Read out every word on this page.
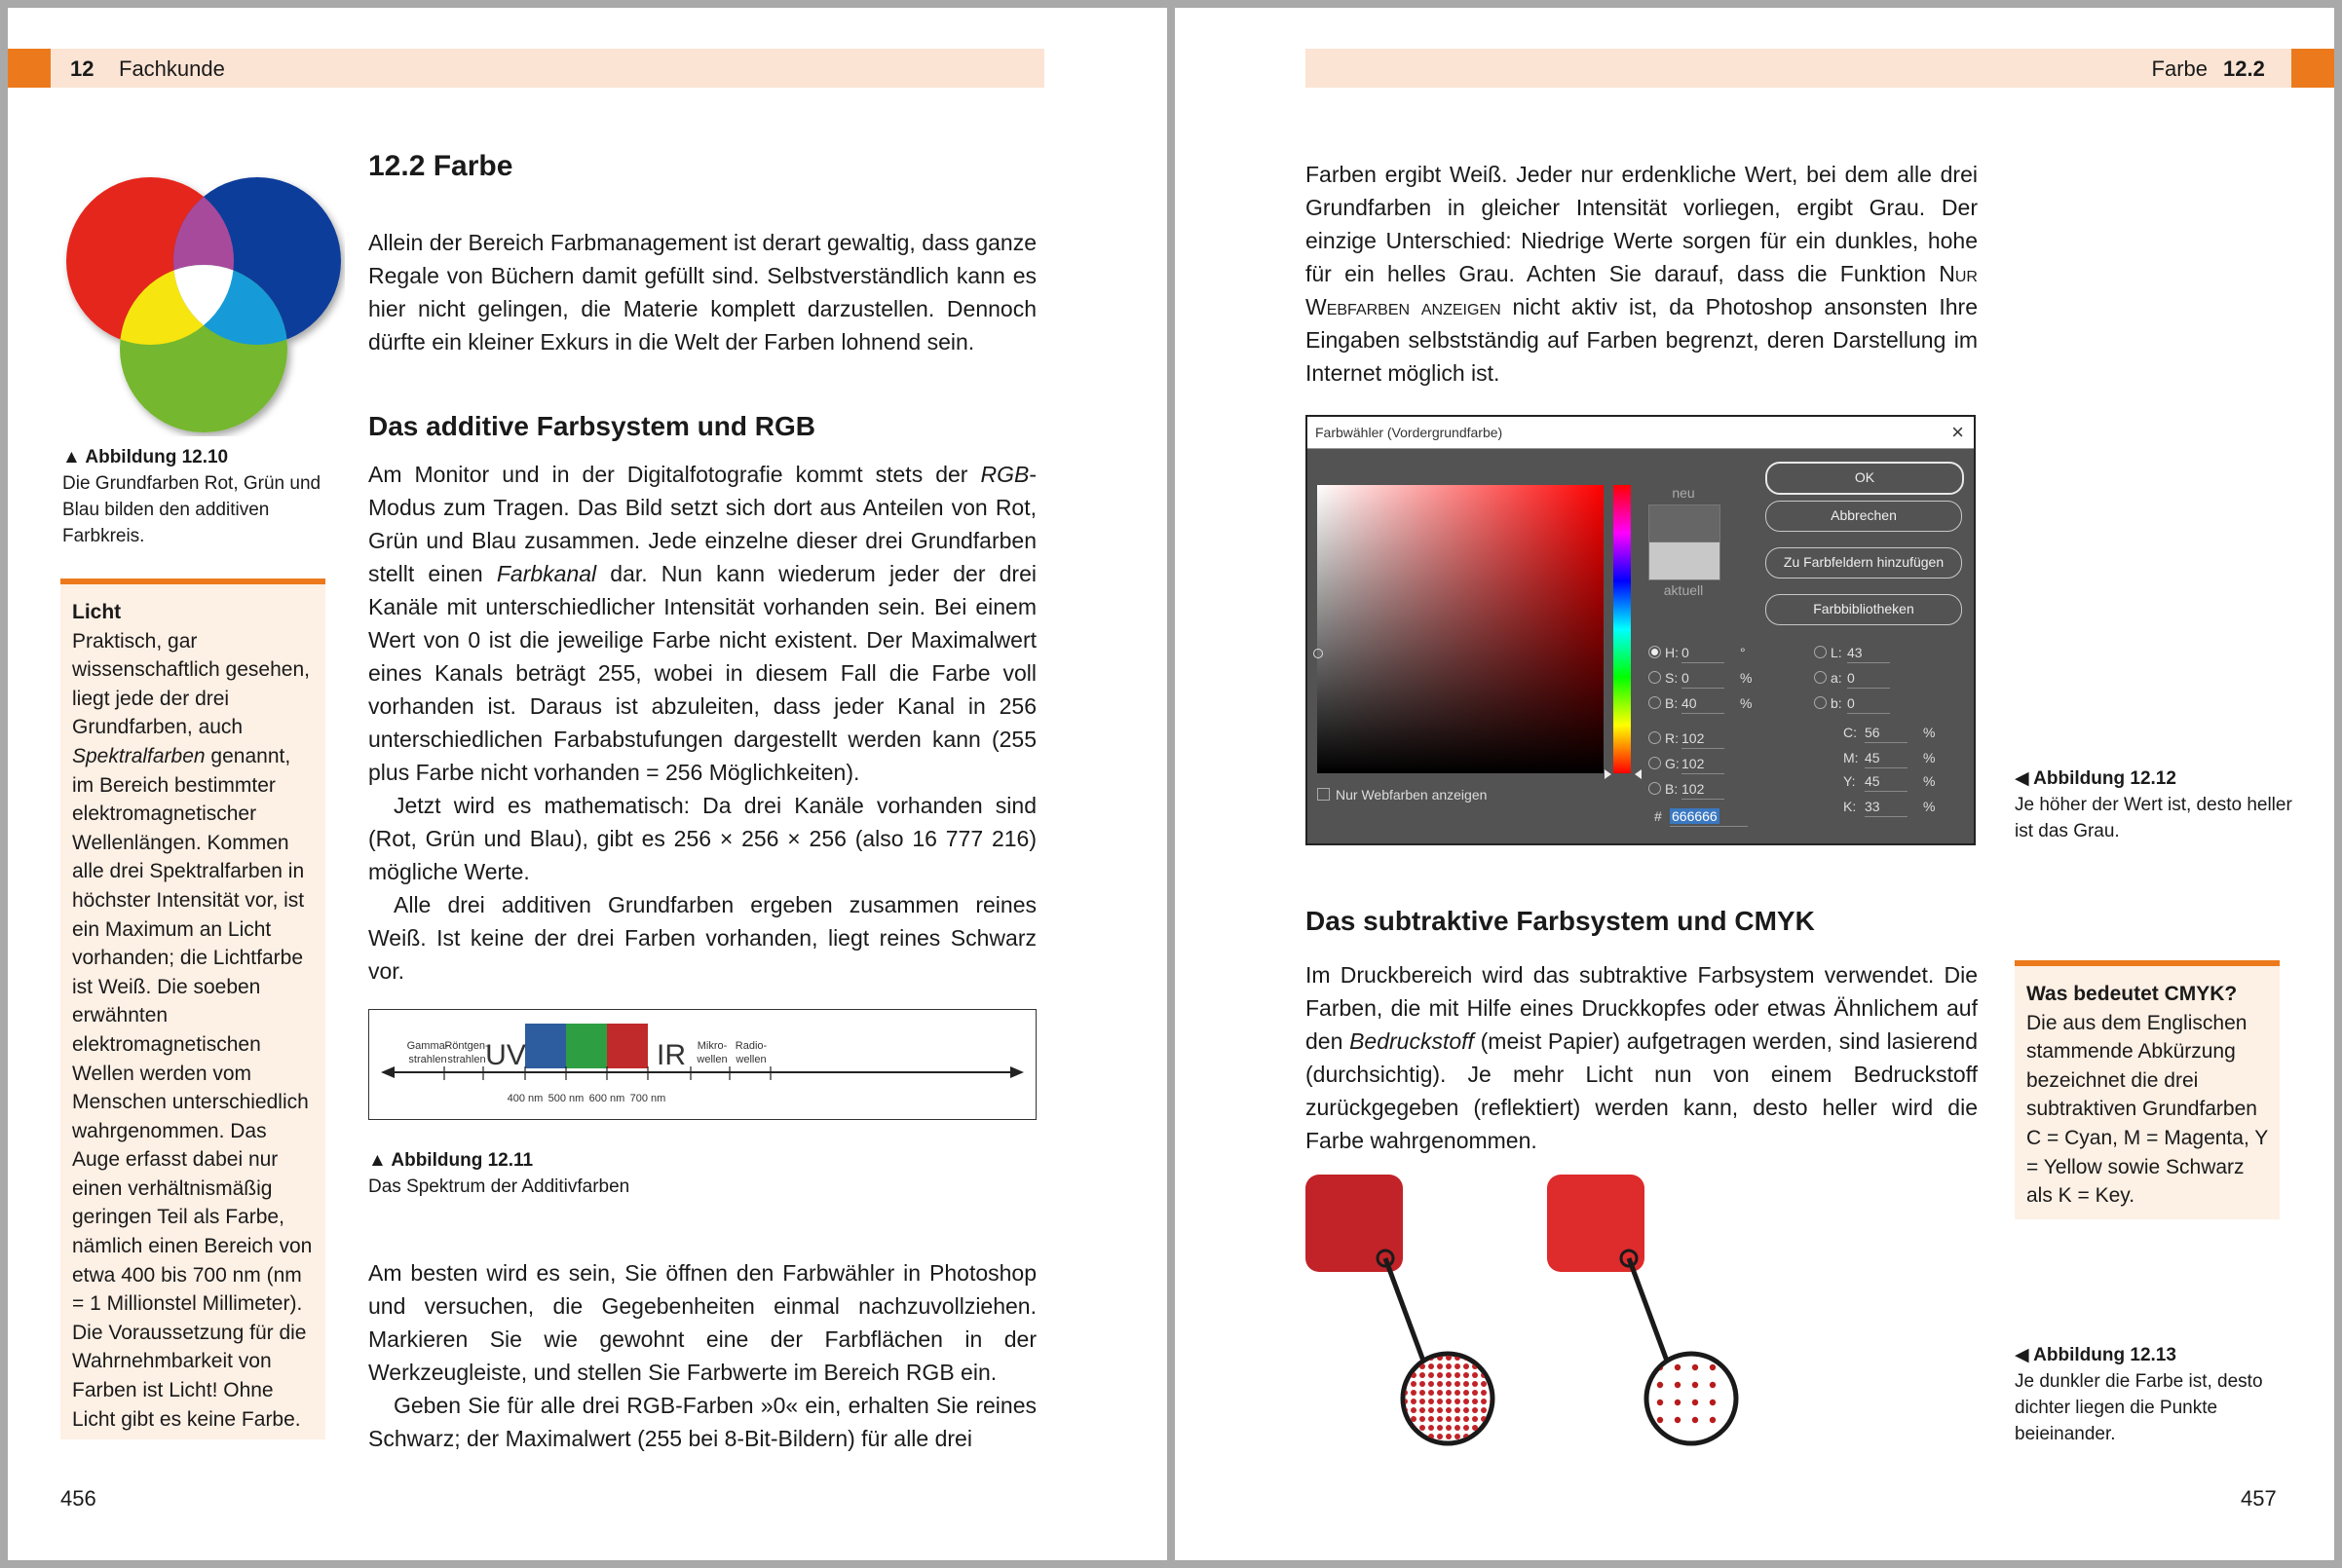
12 Fachkunde
▲ Abbildung 12.10
Die Grundfarben Rot, Grün und Blau bilden den additiven Farbkreis.
Licht
Praktisch, gar wissenschaftlich gesehen, liegt jede der drei Grundfarben, auch Spektralfarben genannt, im Bereich bestimmter elektromagnetischer Wellenlängen. Kommen alle drei Spektralfarben in höchster Intensität vor, ist ein Maximum an Licht vorhanden; die Lichtfarbe ist Weiß. Die soeben erwähnten elektromagnetischen Wellen werden vom Menschen unterschiedlich wahrgenommen. Das Auge erfasst dabei nur einen verhältnismäßig geringen Teil als Farbe, nämlich einen Bereich von etwa 400 bis 700 nm (nm = 1 Millionstel Millimeter). Die Voraussetzung für die Wahrnehmbarkeit von Farben ist Licht! Ohne Licht gibt es keine Farbe.
12.2 Farbe

Allein der Bereich Farbmanagement ist derart gewaltig, dass ganze Regale von Büchern damit gefüllt sind. Selbstverständlich kann es hier nicht gelingen, die Materie komplett darzustellen. Dennoch dürfte ein kleiner Exkurs in die Welt der Farben lohnend sein.

Das additive Farbsystem und RGB

Am Monitor und in der Digitalfotografie kommt stets der RGB-Modus zum Tragen. Das Bild setzt sich dort aus Anteilen von Rot, Grün und Blau zusammen. Jede einzelne dieser drei Grundfarben stellt einen Farbkanal dar. Nun kann wiederum jeder der drei Kanäle mit unterschiedlicher Intensität vorhanden sein. Bei einem Wert von 0 ist die jeweilige Farbe nicht existent. Der Maximalwert eines Kanals beträgt 255, wobei in diesem Fall die Farbe voll vorhanden ist. Daraus ist abzuleiten, dass jeder Kanal in 256 unterschiedlichen Farbabstufungen dargestellt werden kann (255 plus Farbe nicht vorhanden = 256 Möglichkeiten).

Jetzt wird es mathematisch: Da drei Kanäle vorhanden sind (Rot, Grün und Blau), gibt es 256 × 256 × 256 (also 16 777 216) mögliche Werte.

Alle drei additiven Grundfarben ergeben zusammen reines Weiß. Ist keine der drei Farben vorhanden, liegt reines Schwarz vor.

Gamma-
strahlen
Röntgen-
strahlen UV	IR Mikro-
wellen
Radio-
wellen
400 nm 500 nm 600 nm 700 nm
▲ Abbildung 12.11
Das Spektrum der Additivfarben

Am besten wird es sein, Sie öffnen den Farbwähler in Photoshop und versuchen, die Gegebenheiten einmal nachzuvollziehen. Markieren Sie wie gewohnt eine der Farbflächen in der Werkzeugleiste, und stellen Sie Farbwerte im Bereich RGB ein.

Geben Sie für alle drei RGB-Farben »0« ein, erhalten Sie reines Schwarz; der Maximalwert (255 bei 8-Bit-Bildern) für alle drei

456
Farbe 12.2

Farben ergibt Weiß. Jeder nur erdenkliche Wert, bei dem alle drei Grundfarben in gleicher Intensität vorliegen, ergibt Grau. Der einzige Unterschied: Niedrige Werte sorgen für ein dunkles, hohe für ein helles Grau. Achten Sie darauf, dass die Funktion Nur Webfarben anzeigen nicht aktiv ist, da Photoshop ansonsten Ihre Eingaben selbstständig auf Farben begrenzt, deren Darstellung im Internet möglich ist.

Farbwähler (Vordergrundfarbe)	×
neu
aktuell
OK
Abbrechen
Zu Farbfeldern hinzufügen
Farbbibliotheken
H: 0	°
S: 0	%
B: 40	%
R: 102
G: 102
B: 102
# 666666
L: 43
a: 0
b: 0
C: 56	%
M: 45	%
Y: 45	%
K: 33	%
Nur Webfarben anzeigen
◀ Abbildung 12.12
Je höher der Wert ist, desto heller ist das Grau.
Das subtraktive Farbsystem und CMYK

Im Druckbereich wird das subtraktive Farbsystem verwendet. Die Farben, die mit Hilfe eines Druckkopfes oder etwas Ähnlichem auf den Bedruckstoff (meist Papier) aufgetragen werden, sind lasierend (durchsichtig). Je mehr Licht nun von einem Bedruckstoff zurückgegeben (reflektiert) werden kann, desto heller wird die Farbe wahrgenommen.

Was bedeutet CMYK?
Die aus dem Englischen stammende Abkürzung bezeichnet die drei subtraktiven Grundfarben C = Cyan, M = Magenta, Y = Yellow sowie Schwarz als K = Key.
◀ Abbildung 12.13
Je dunkler die Farbe ist, desto dichter liegen die Punkte beieinander.
457
